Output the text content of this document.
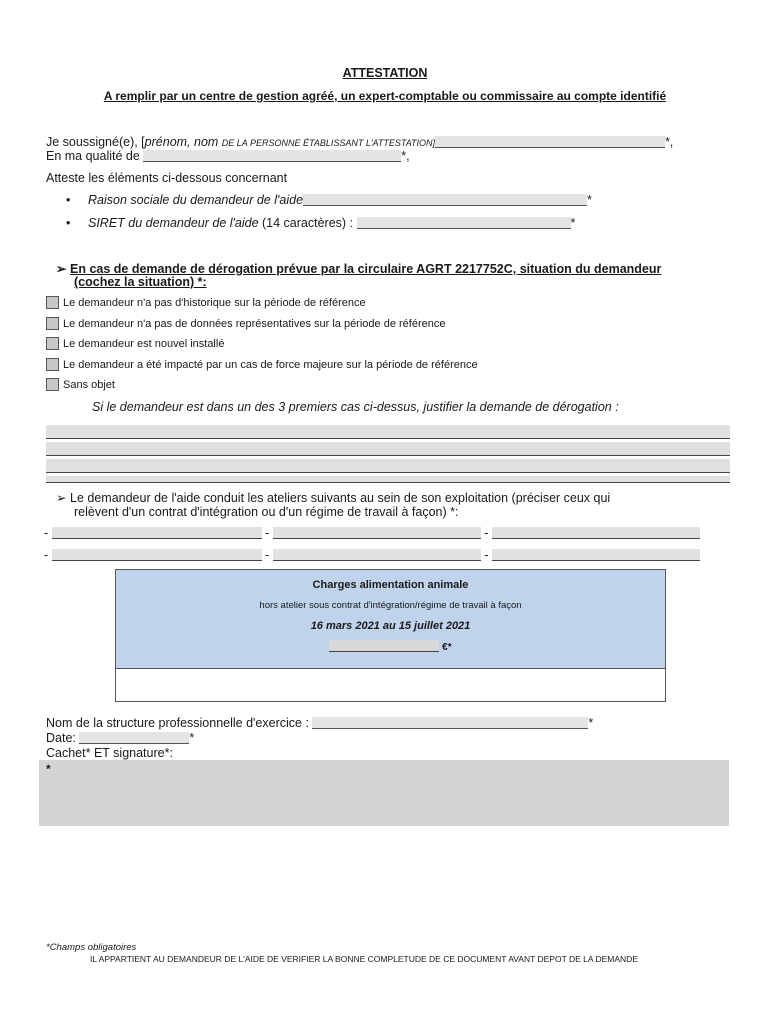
ATTESTATION
A remplir par un centre de gestion agréé, un expert-comptable ou commissaire au compte identifié
Je soussigné(e), [prénom, nom DE LA PERSONNE ÉTABLISSANT L'ATTESTATION]	*,
En ma qualité de	*,
Atteste les éléments ci-dessous concernant
• Raison sociale du demandeur de l'aide	*
• SIRET du demandeur de l'aide (14 caractères) :	*
➢ En cas de demande de dérogation prévue par la circulaire AGRT 2217752C, situation du demandeur
(cochez la situation) *:
Le demandeur n'a pas d'historique sur la période de référence
Le demandeur n'a pas de données représentatives sur la période de référence
Le demandeur est nouvel installé
Le demandeur a été impacté par un cas de force majeure sur la période de référence
Sans objet
Si le demandeur est dans un des 3 premiers cas ci-dessus, justifier la demande de dérogation :
➢ Le demandeur de l'aide conduit les ateliers suivants au sein de son exploitation (préciser ceux qui
relèvent d'un contrat d'intégration ou d'un régime de travail à façon) *:
-	-	-
-	-	-
Charges alimentation animale
hors atelier sous contrat d'intégration/régime de travail à façon
16 mars 2021 au 15 juillet 2021
€*
Nom de la structure professionnelle d'exercice :	*
Date:	*
Cachet* ET signature*:
*
*Champs obligatoires
IL APPARTIENT AU DEMANDEUR DE L'AIDE DE VERIFIER LA BONNE COMPLETUDE DE CE DOCUMENT AVANT DEPOT DE LA DEMANDE
